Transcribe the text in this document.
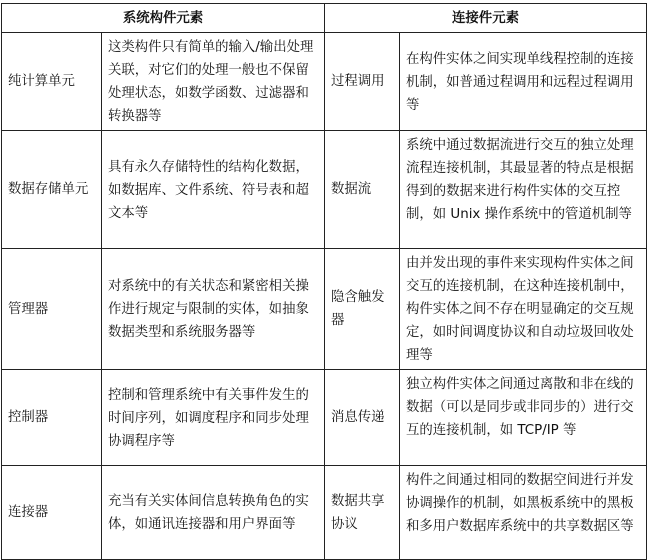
系统构件元素		连接件元素	
纯计算单元	这类构件只有简单的输入/输出处理关联，对它们的处理一般也不保留处理状态，如数学函数、过滤器和转换器等	过程调用	在构件实体之间实现单线程控制的连接机制，如普通过程调用和远程过程调用等
数据存储单元	具有永久存储特性的结构化数据，如数据库、文件系统、符号表和超文本等	数据流	系统中通过数据流进行交互的独立处理流程连接机制，其最显著的特点是根据得到的数据来进行构件实体的交互控制，如 Unix 操作系统中的管道机制等
管理器	对系统中的有关状态和紧密相关操作进行规定与限制的实体，如抽象数据类型和系统服务器等	隐含触发器	由并发出现的事件来实现构件实体之间交互的连接机制，在这种连接机制中，构件实体之间不存在明显确定的交互规定，如时间调度协议和自动垃圾回收处理等
控制器	控制和管理系统中有关事件发生的时间序列，如调度程序和同步处理协调程序等	消息传递	独立构件实体之间通过离散和非在线的数据（可以是同步或非同步的）进行交互的连接机制，如 TCP/IP 等
连接器	充当有关实体间信息转换角色的实体，如通讯连接器和用户界面等	数据共享协议	构件之间通过相同的数据空间进行并发协调操作的机制，如黑板系统中的黑板和多用户数据库系统中的共享数据区等
